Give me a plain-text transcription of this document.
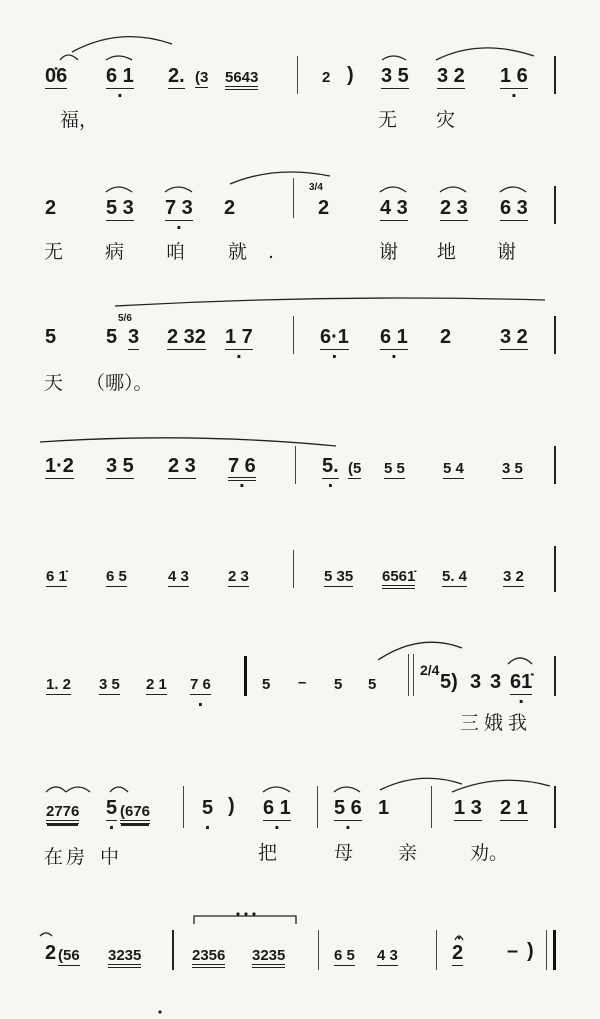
0̇6 6 1 . 2. (3 5643	2 ) 3 5 3 2 1 6 .
福，	无 灾
2 5 3 7 3 . 2
3/4
2	4 3 2 3 6 3
无 病 咱 就	谢 地 谢
5 5
5/6
3 2 32 1 7 .	6·1 . 6 1 . 2 3 2
天 （哪）。
1·2 3 5 2 3 7 6 .	5. . (5 5 5	5 4	3 5
6 1̇	6 5	4 3	2 3	5 35 6561̇ 5. 4 3 2
1. 2 3 5 2 1 7 6 .	5 – 5 5
2/4
5) 3 3 61̇ .
三 娥 我
2776 5 . (676	5 . ) 6 1 . 5 6 . 1	1 3 2 1
在 房 中	把	母 亲	劝。
2 (56 3235	2356 3235	6 5 4 3	2 – )
